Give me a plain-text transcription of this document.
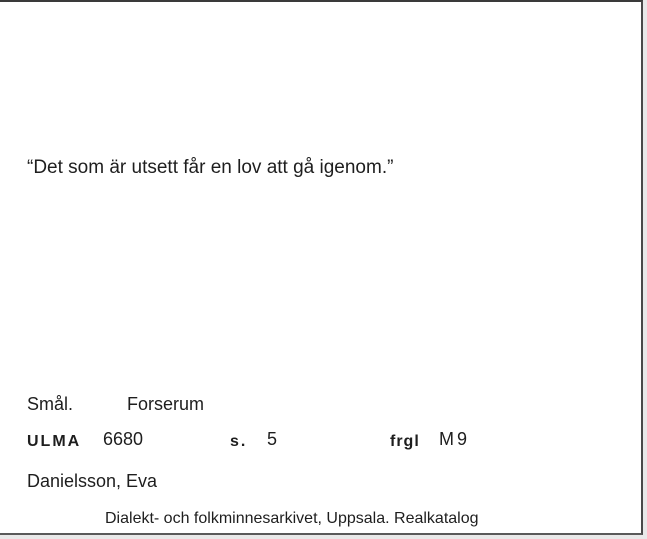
“Det som är utsett får en lov att gå igenom.”
Smål.	Forserum
ULMA 6680	s. 5	frgl M9
Danielsson, Eva
Dialekt- och folkminnesarkivet, Uppsala. Realkatalog
